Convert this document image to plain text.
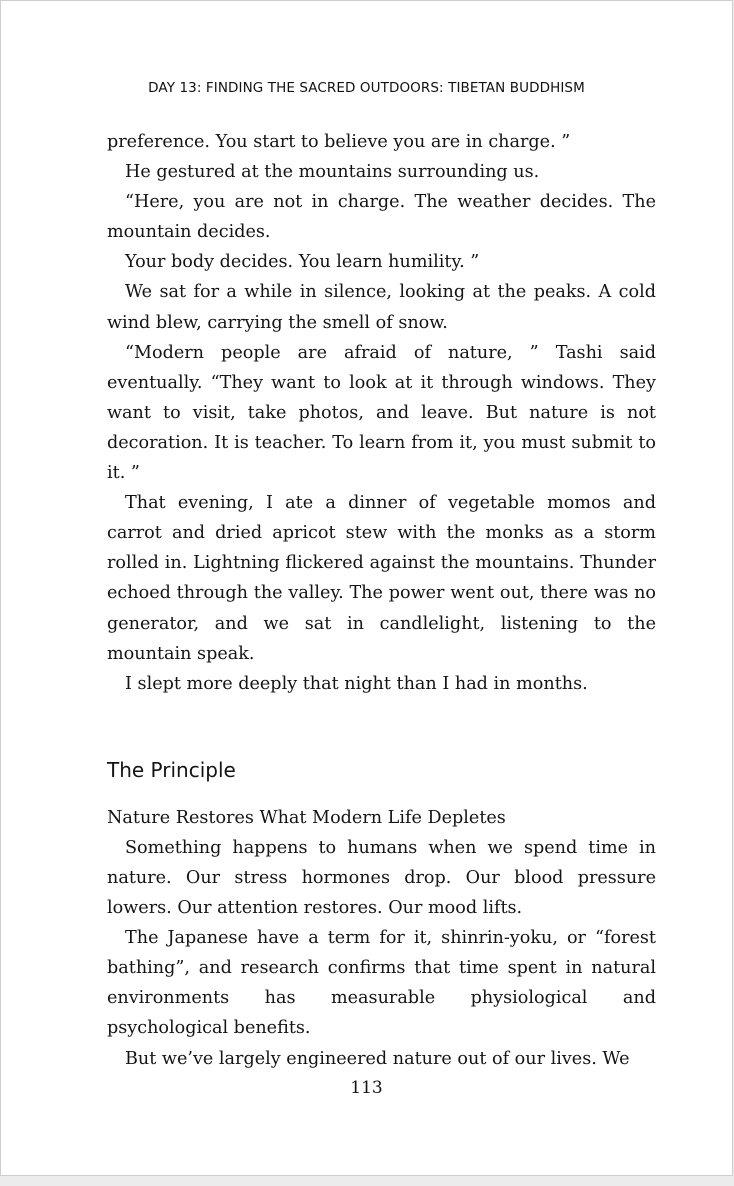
DAY 13: FINDING THE SACRED OUTDOORS: TIBETAN BUDDHISM

preference. You start to believe you are in charge. ”

He gestured at the mountains surrounding us.

“Here, you are not in charge. The weather decides. The mountain decides.

Your body decides. You learn humility. ”

We sat for a while in silence, looking at the peaks. A cold wind blew, carrying the smell of snow.

“Modern people are afraid of nature, ” Tashi said eventually. “They want to look at it through windows. They want to visit, take photos, and leave. But nature is not decoration. It is teacher. To learn from it, you must submit to it. ”

That evening, I ate a dinner of vegetable momos and carrot and dried apricot stew with the monks as a storm rolled in. Lightning flickered against the mountains. Thunder echoed through the valley. The power went out, there was no generator, and we sat in candlelight, listening to the mountain speak.

I slept more deeply that night than I had in months.

The Principle

Nature Restores What Modern Life Depletes

Something happens to humans when we spend time in nature. Our stress hormones drop. Our blood pressure lowers. Our attention restores. Our mood lifts.

The Japanese have a term for it, shinrin-yoku, or “forest bathing”, and research confirms that time spent in natural environments has measurable physiological and psychological benefits.

But we’ve largely engineered nature out of our lives. We

113
